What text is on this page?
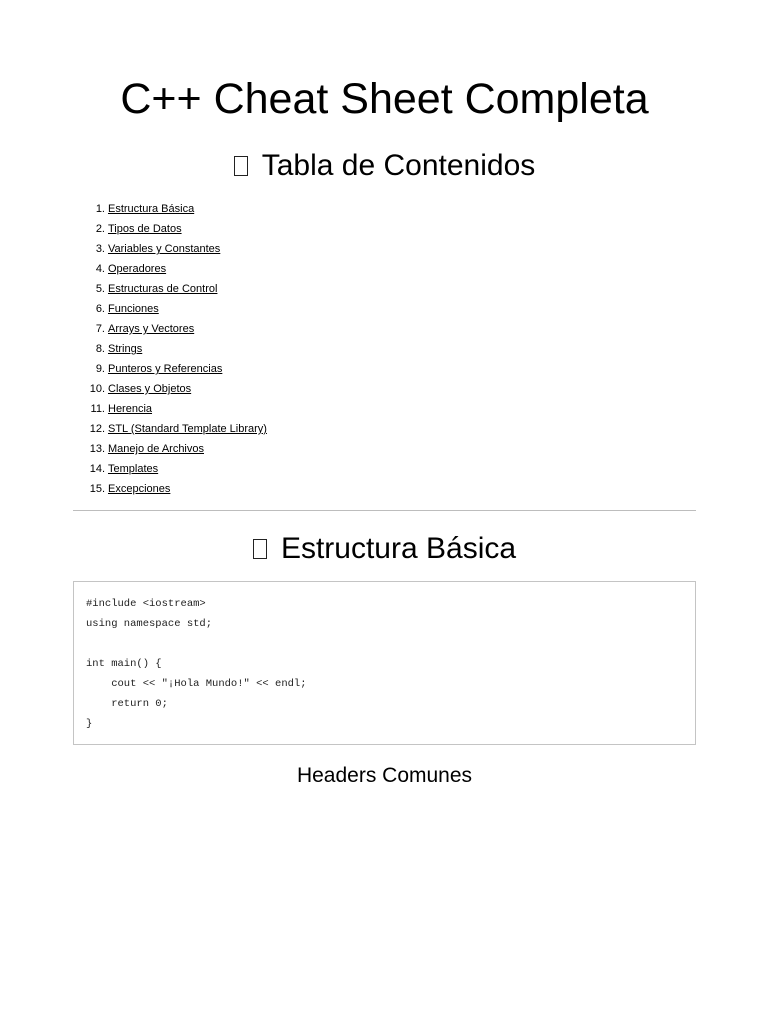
C++ Cheat Sheet Completa
Tabla de Contenidos
1. Estructura Básica
2. Tipos de Datos
3. Variables y Constantes
4. Operadores
5. Estructuras de Control
6. Funciones
7. Arrays y Vectores
8. Strings
9. Punteros y Referencias
10. Clases y Objetos
11. Herencia
12. STL (Standard Template Library)
13. Manejo de Archivos
14. Templates
15. Excepciones
Estructura Básica
#include <iostream>
using namespace std;

int main() {
cout << "¡Hola Mundo!" << endl;
return 0;
}
Headers Comunes
